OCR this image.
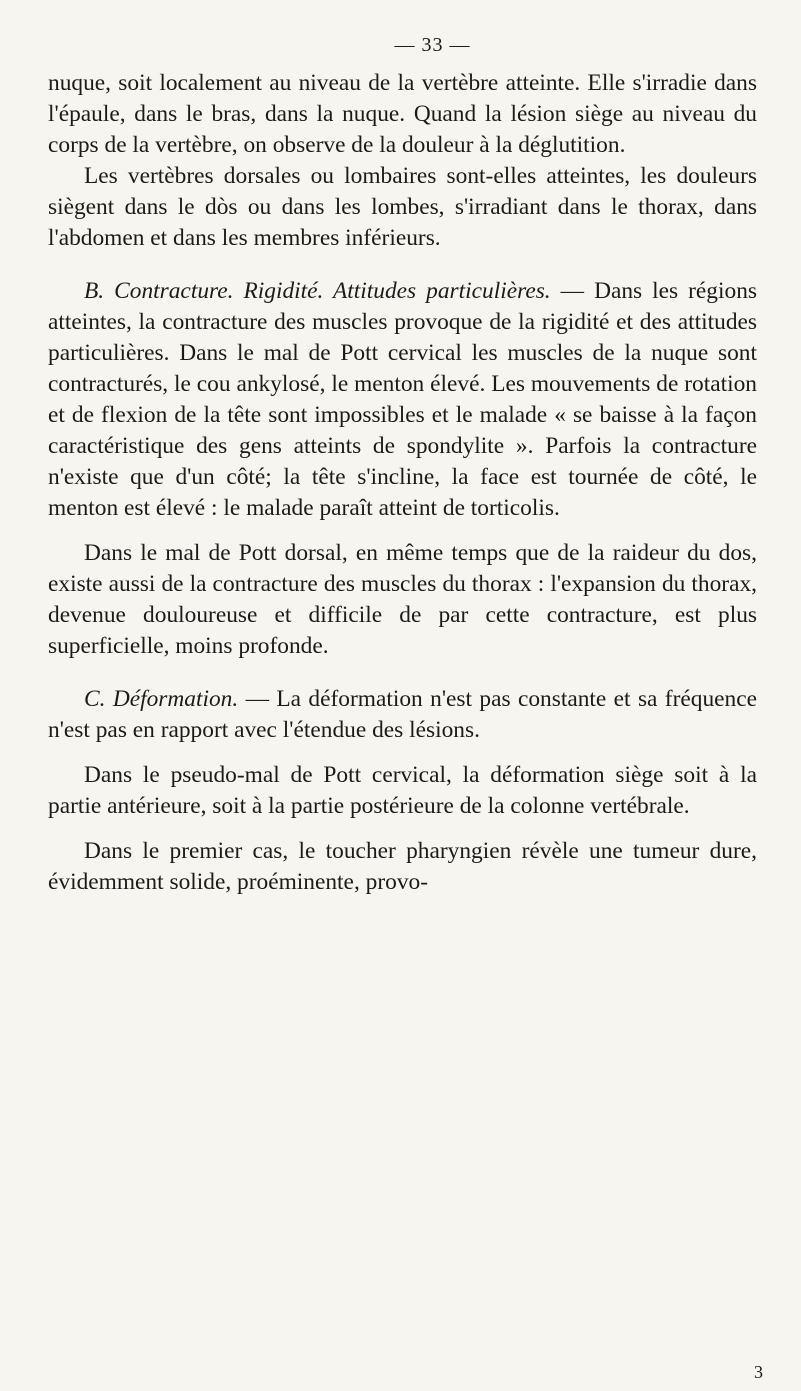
— 33 —

nuque, soit localement au niveau de la vertèbre atteinte. Elle s'irradie dans l'épaule, dans le bras, dans la nuque. Quand la lésion siège au niveau du corps de la vertèbre, on observe de la douleur à la déglutition.

Les vertèbres dorsales ou lombaires sont-elles atteintes, les douleurs siègent dans le dòs ou dans les lombes, s'irradiant dans le thorax, dans l'abdomen et dans les membres inférieurs.

B. Contracture. Rigidité. Attitudes particulières. — Dans les régions atteintes, la contracture des muscles provoque de la rigidité et des attitudes particulières. Dans le mal de Pott cervical les muscles de la nuque sont contracturés, le cou ankylosé, le menton élevé. Les mouvements de rotation et de flexion de la tête sont impossibles et le malade « se baisse à la façon caractéristique des gens atteints de spondylite ». Parfois la contracture n'existe que d'un côté; la tête s'incline, la face est tournée de côté, le menton est élevé : le malade paraît atteint de torticolis.

Dans le mal de Pott dorsal, en même temps que de la raideur du dos, existe aussi de la contracture des muscles du thorax : l'expansion du thorax, devenue douloureuse et difficile de par cette contracture, est plus superficielle, moins profonde.

C. Déformation. — La déformation n'est pas constante et sa fréquence n'est pas en rapport avec l'étendue des lésions.

Dans le pseudo-mal de Pott cervical, la déformation siège soit à la partie antérieure, soit à la partie postérieure de la colonne vertébrale.

Dans le premier cas, le toucher pharyngien révèle une tumeur dure, évidemment solide, proéminente, provo-

3
